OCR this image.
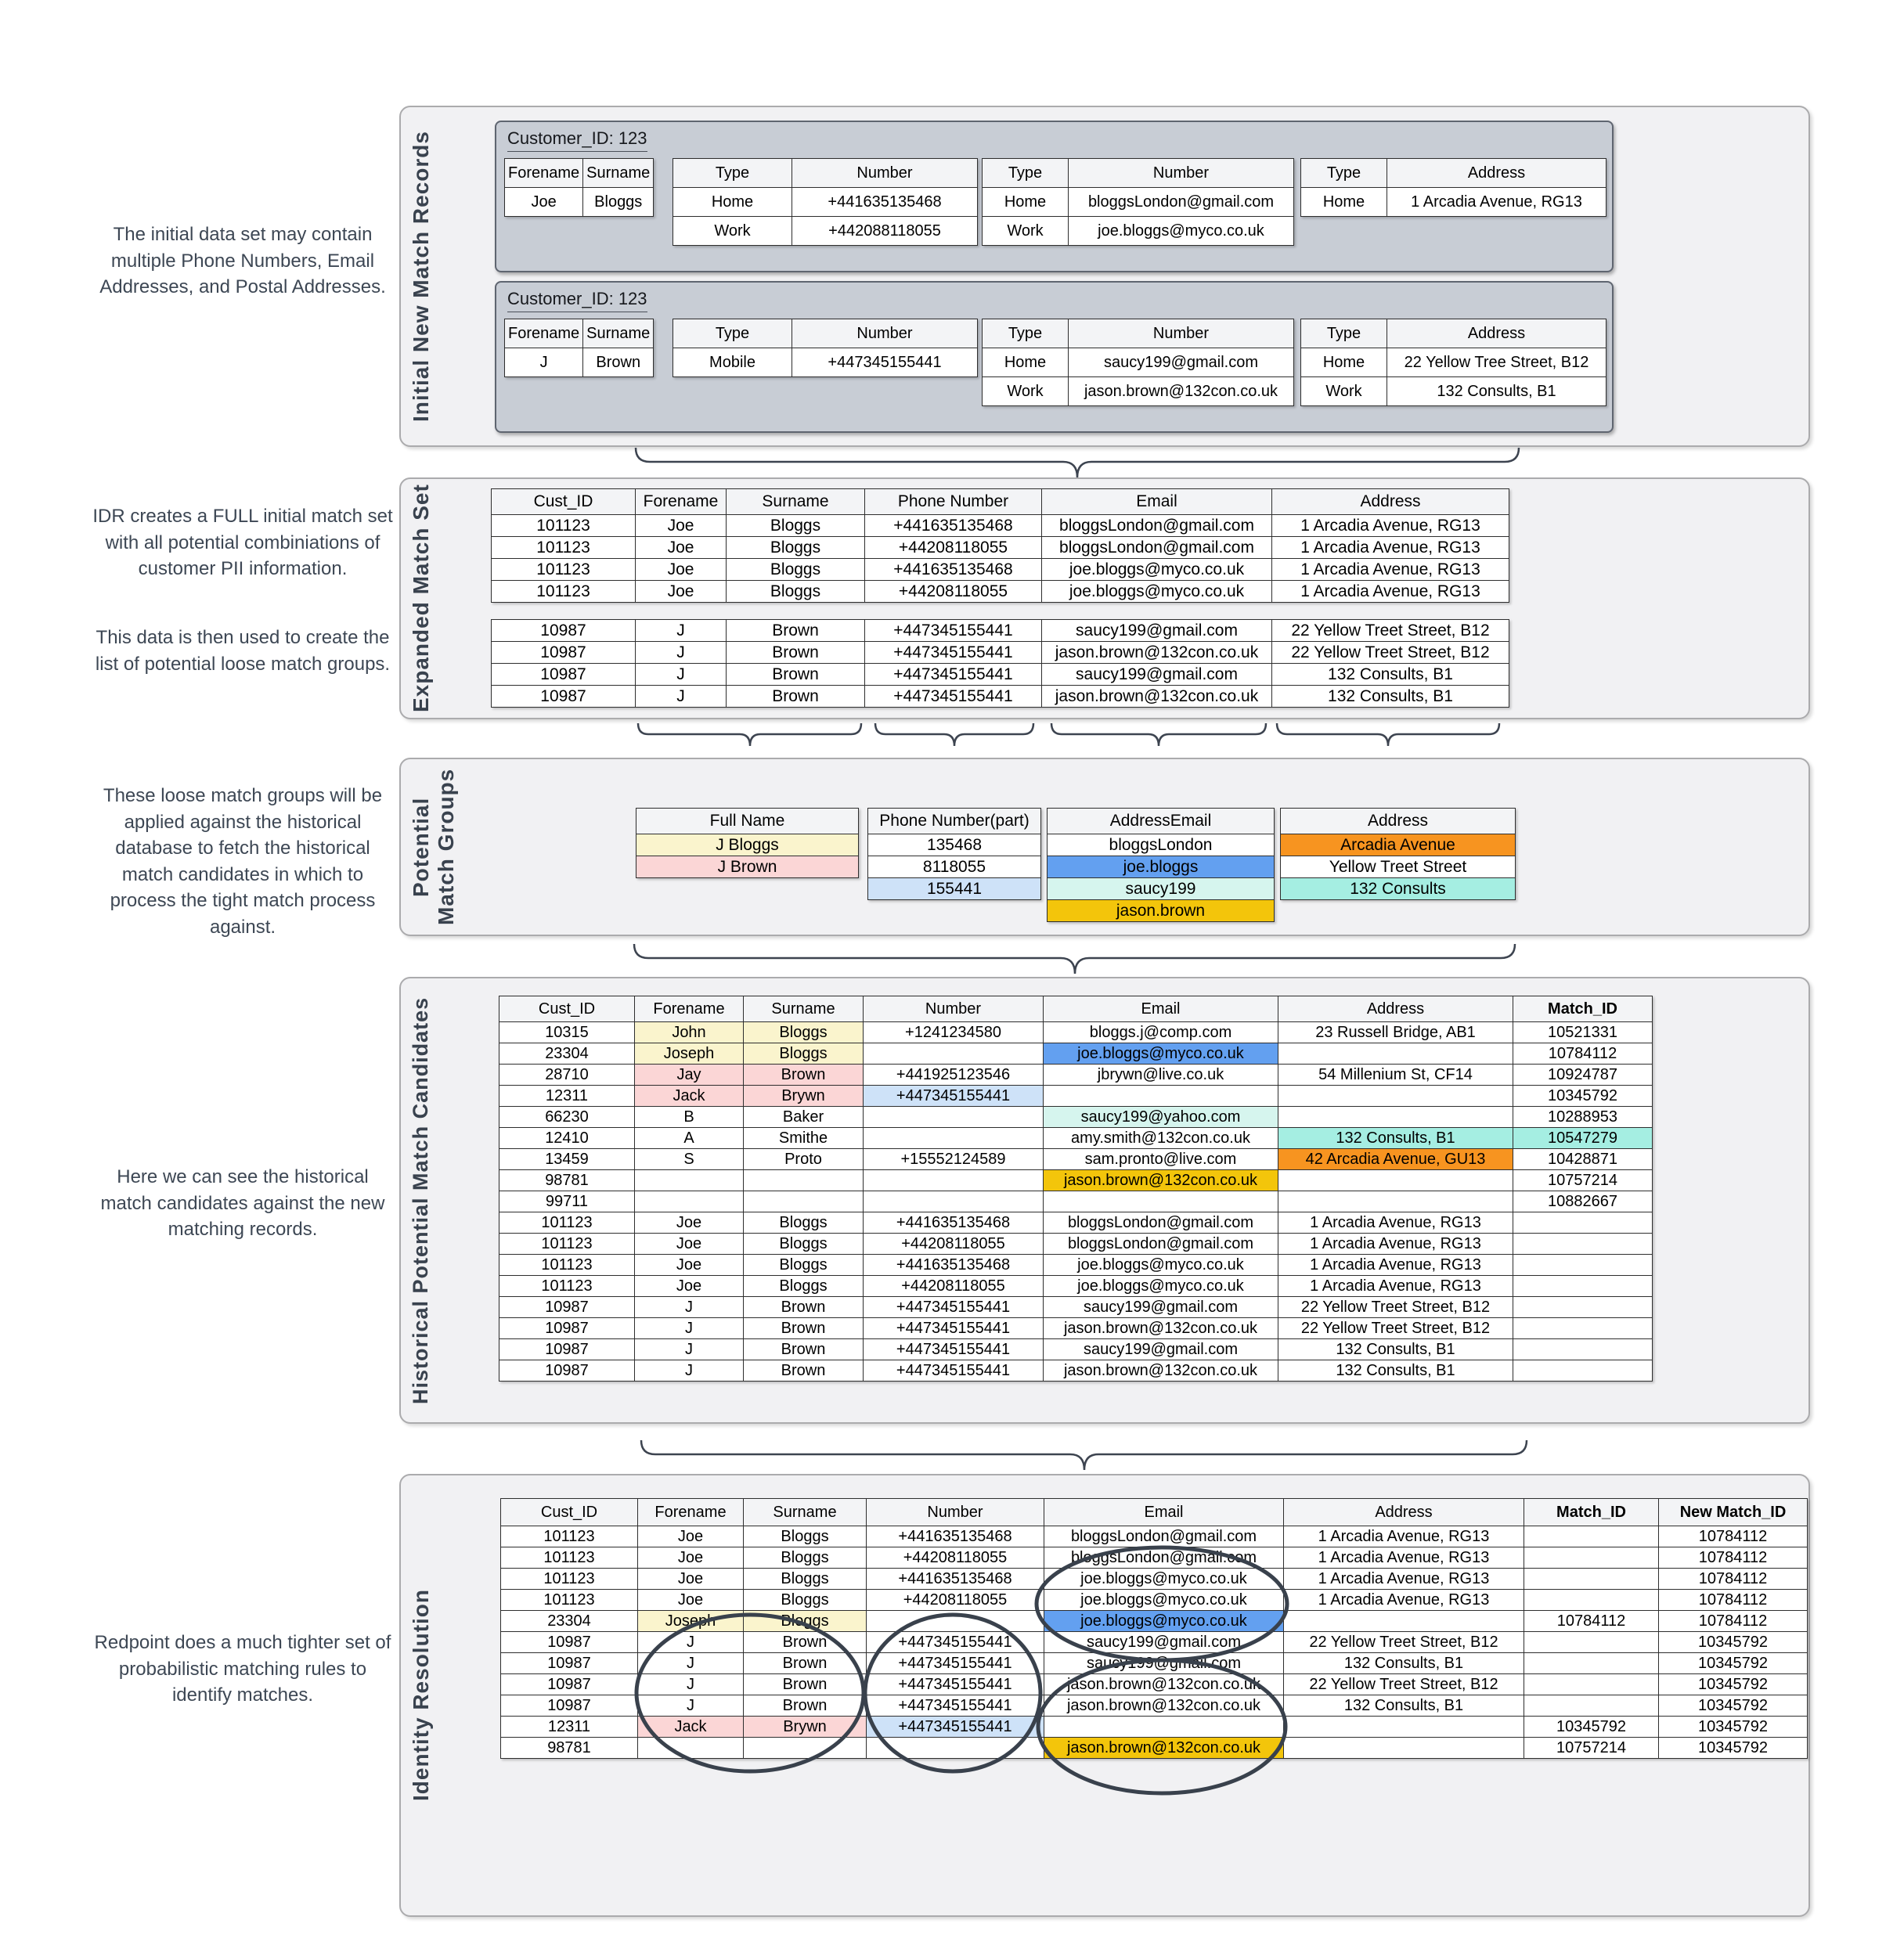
The initial data set may contain multiple Phone Numbers, Email Addresses, and Postal Addresses.
IDR creates a FULL initial match set with all potential combiniations of customer PII information.
This data is then used to create the list of potential loose match groups.
These loose match groups will be applied against the historical database to fetch the historical match candidates in which to process the tight match process against.
Here we can see the historical match candidates against the new matching records.
Redpoint does a much tighter set of probabilistic matching rules to identify matches.
Initial New Match Records	Customer_ID: 123
Forename	Surname
Joe	Bloggs
Type	Number
Home	+441635135468
Work	+442088118055
Type	Number
Home	bloggsLondon@gmail.com
Work	joe.bloggs@myco.co.uk
Type	Address
Home	1 Arcadia Avenue, RG13
Customer_ID: 123
Forename	Surname
J	Brown
Type	Number
Mobile	+447345155441
Type	Number
Home	saucy199@gmail.com
Work	jason.brown@132con.co.uk
Type	Address
Home	22 Yellow Tree Street, B12
Work	132 Consults, B1
Expanded Match Set	Cust_ID	Forename	Surname	Phone Number	Email	Address
101123	Joe	Bloggs	+441635135468	bloggsLondon@gmail.com	1 Arcadia Avenue, RG13
101123	Joe	Bloggs	+44208118055	bloggsLondon@gmail.com	1 Arcadia Avenue, RG13
101123	Joe	Bloggs	+441635135468	joe.bloggs@myco.co.uk	1 Arcadia Avenue, RG13
101123	Joe	Bloggs	+44208118055	joe.bloggs@myco.co.uk	1 Arcadia Avenue, RG13
10987	J	Brown	+447345155441	saucy199@gmail.com	22 Yellow Treet Street, B12
10987	J	Brown	+447345155441	jason.brown@132con.co.uk	22 Yellow Treet Street, B12
10987	J	Brown	+447345155441	saucy199@gmail.com	132 Consults, B1
10987	J	Brown	+447345155441	jason.brown@132con.co.uk	132 Consults, B1
Potential Match Groups	Full Name
J Bloggs
J Brown
Phone Number(part)
135468
8118055
155441
AddressEmail
bloggsLondon
joe.bloggs
saucy199
jason.brown
Address
Arcadia Avenue
Yellow Treet Street
132 Consults
Historical Potential Match Candidates	Cust_ID	Forename	Surname	Number	Email	Address	Match_ID
10315	John	Bloggs	+1241234580	bloggs.j@comp.com	23 Russell Bridge, AB1	10521331
23304	Joseph	Bloggs		joe.bloggs@myco.co.uk		10784112
28710	Jay	Brown	+441925123546	jbrywn@live.co.uk	54 Millenium St, CF14	10924787
12311	Jack	Brywn	+447345155441			10345792
66230	B	Baker		saucy199@yahoo.com		10288953
12410	A	Smithe		amy.smith@132con.co.uk	132 Consults, B1	10547279
13459	S	Proto	+15552124589	sam.pronto@live.com	42 Arcadia Avenue, GU13	10428871
98781				jason.brown@132con.co.uk		10757214
99711						10882667
101123	Joe	Bloggs	+441635135468	bloggsLondon@gmail.com	1 Arcadia Avenue, RG13	
101123	Joe	Bloggs	+44208118055	bloggsLondon@gmail.com	1 Arcadia Avenue, RG13	
101123	Joe	Bloggs	+441635135468	joe.bloggs@myco.co.uk	1 Arcadia Avenue, RG13	
101123	Joe	Bloggs	+44208118055	joe.bloggs@myco.co.uk	1 Arcadia Avenue, RG13	
10987	J	Brown	+447345155441	saucy199@gmail.com	22 Yellow Treet Street, B12	
10987	J	Brown	+447345155441	jason.brown@132con.co.uk	22 Yellow Treet Street, B12	
10987	J	Brown	+447345155441	saucy199@gmail.com	132 Consults, B1	
10987	J	Brown	+447345155441	jason.brown@132con.co.uk	132 Consults, B1	
Identity Resolution
Cust_ID	Forename	Surname	Number	Email	Address	Match_ID	New Match_ID
101123	Joe	Bloggs	+441635135468	bloggsLondon@gmail.com	1 Arcadia Avenue, RG13		10784112
101123	Joe	Bloggs	+44208118055	bloggsLondon@gmail.com	1 Arcadia Avenue, RG13		10784112
101123	Joe	Bloggs	+441635135468	joe.bloggs@myco.co.uk	1 Arcadia Avenue, RG13		10784112
101123	Joe	Bloggs	+44208118055	joe.bloggs@myco.co.uk	1 Arcadia Avenue, RG13		10784112
23304	Joseph	Bloggs		joe.bloggs@myco.co.uk		10784112	10784112
10987	J	Brown	+447345155441	saucy199@gmail.com	22 Yellow Treet Street, B12		10345792
10987	J	Brown	+447345155441	saucy199@gmail.com	132 Consults, B1		10345792
10987	J	Brown	+447345155441	jason.brown@132con.co.uk	22 Yellow Treet Street, B12		10345792
10987	J	Brown	+447345155441	jason.brown@132con.co.uk	132 Consults, B1		10345792
12311	Jack	Brywn	+447345155441			10345792	10345792
98781				jason.brown@132con.co.uk		10757214	10345792
